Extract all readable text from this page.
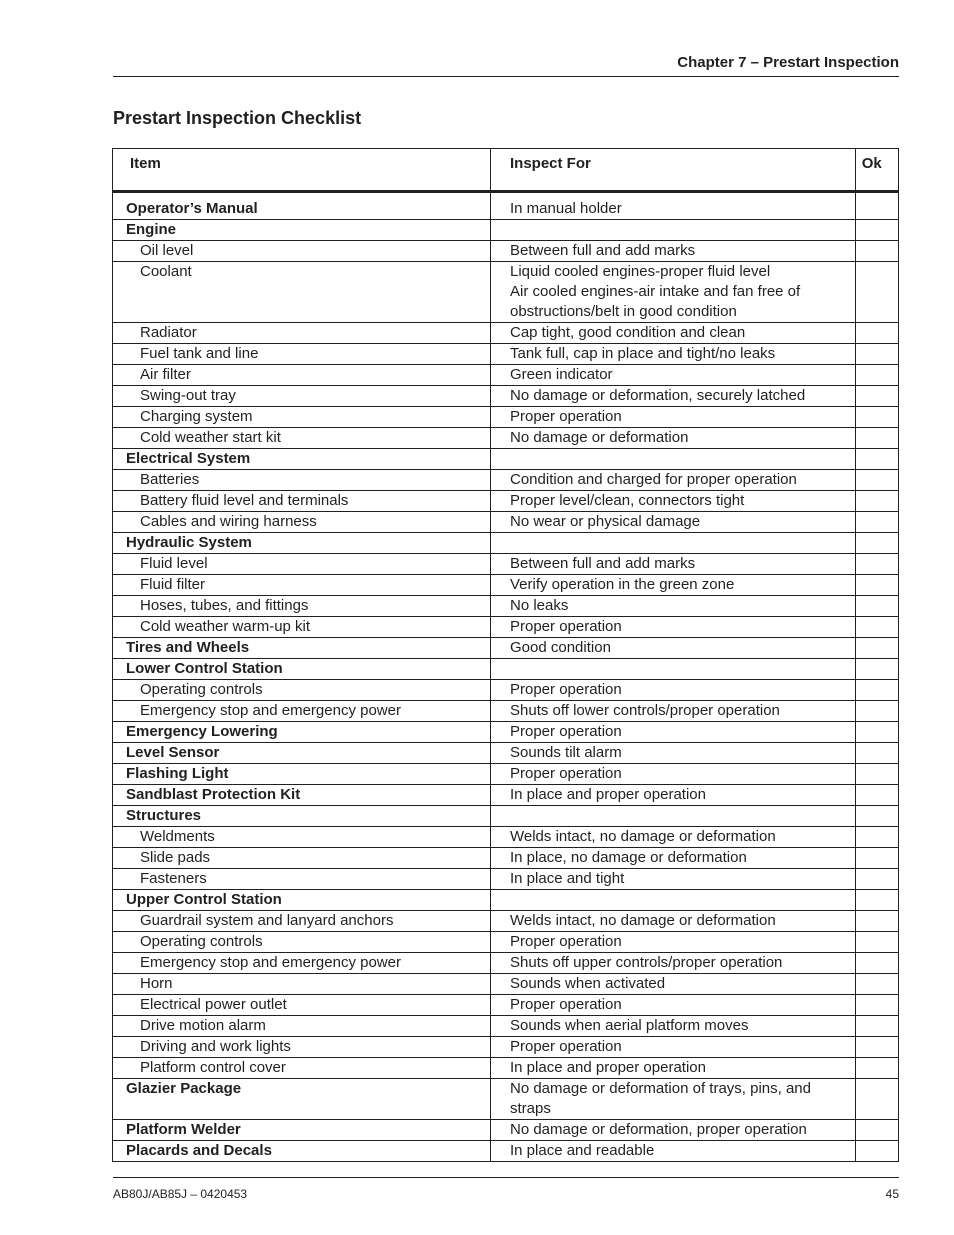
Chapter 7 – Prestart Inspection
Prestart Inspection Checklist
Item	Inspect For	Ok
Operator’s Manual	In manual holder	

Engine		
Oil level	Between full and add marks	

Coolant	Liquid cooled engines-proper fluid level
Air cooled engines-air intake and fan free of
obstructions/belt in good condition	

Radiator	Cap tight, good condition and clean	

Fuel tank and line	Tank full, cap in place and tight/no leaks	

Air filter	Green indicator	

Swing-out tray	No damage or deformation, securely latched	

Charging system	Proper operation	

Cold weather start kit	No damage or deformation	

Electrical System		
Batteries	Condition and charged for proper operation	

Battery fluid level and terminals	Proper level/clean, connectors tight	

Cables and wiring harness	No wear or physical damage	

Hydraulic System		
Fluid level	Between full and add marks	

Fluid filter	Verify operation in the green zone	

Hoses, tubes, and fittings	No leaks	

Cold weather warm-up kit	Proper operation	

Tires and Wheels	Good condition	

Lower Control Station		
Operating controls	Proper operation	

Emergency stop and emergency power	Shuts off lower controls/proper operation	

Emergency Lowering	Proper operation	

Level Sensor	Sounds tilt alarm	

Flashing Light	Proper operation	

Sandblast Protection Kit	In place and proper operation	

Structures		
Weldments	Welds intact, no damage or deformation	

Slide pads	In place, no damage or deformation	

Fasteners	In place and tight	

Upper Control Station		
Guardrail system and lanyard anchors	Welds intact, no damage or deformation	

Operating controls	Proper operation	

Emergency stop and emergency power	Shuts off upper controls/proper operation	

Horn	Sounds when activated	

Electrical power outlet	Proper operation	

Drive motion alarm	Sounds when aerial platform moves	

Driving and work lights	Proper operation	

Platform control cover	In place and proper operation	

Glazier Package	No damage or deformation of trays, pins, and straps	

Platform Welder	No damage or deformation, proper operation	

Placards and Decals	In place and readable	

AB80J/AB85J – 0420453	45
